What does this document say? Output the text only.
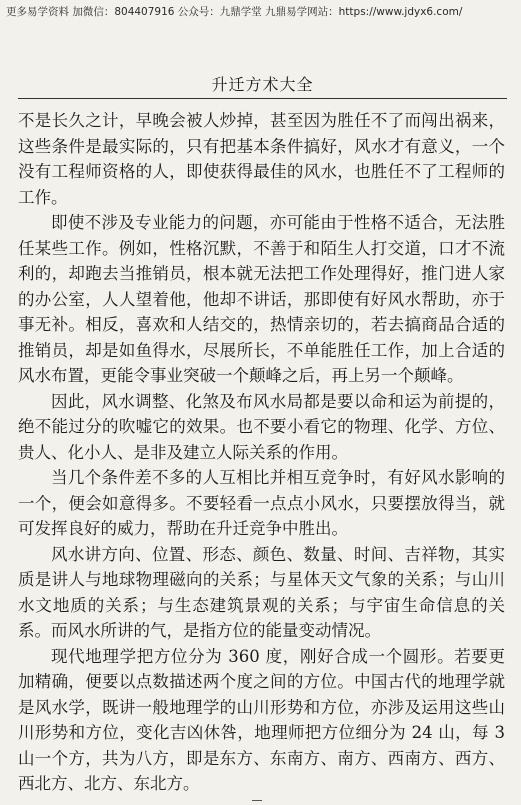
更多易学资料 加微信：804407916 公众号：九鼎学堂 九鼎易学网站：https://www.jdyx6.com/
升迁方术大全

不是长久之计，早晚会被人炒掉，甚至因为胜任不了而闯出祸来，这些条件是最实际的，只有把基本条件搞好，风水才有意义，一个没有工程师资格的人，即使获得最佳的风水，也胜任不了工程师的工作。

即使不涉及专业能力的问题，亦可能由于性格不适合，无法胜任某些工作。例如，性格沉默，不善于和陌生人打交道，口才不流利的，却跑去当推销员，根本就无法把工作处理得好，推门进人家的办公室，人人望着他，他却不讲话，那即使有好风水帮助，亦于事无补。相反，喜欢和人结交的，热情亲切的，若去搞商品合适的推销员，却是如鱼得水，尽展所长，不单能胜任工作，加上合适的风水布置，更能令事业突破一个颠峰之后，再上另一个颠峰。

因此，风水调整、化煞及布风水局都是要以命和运为前提的，绝不能过分的吹嘘它的效果。也不要小看它的物理、化学、方位、贵人、化小人、是非及建立人际关系的作用。

当几个条件差不多的人互相比并相互竞争时，有好风水影响的一个，便会如意得多。不要轻看一点点小风水，只要摆放得当，就可发挥良好的威力，帮助在升迁竞争中胜出。

风水讲方向、位置、形态、颜色、数量、时间、吉祥物，其实质是讲人与地球物理磁向的关系；与星体天文气象的关系；与山川水文地质的关系；与生态建筑景观的关系；与宇宙生命信息的关系。而风水所讲的气，是指方位的能量变动情况。

现代地理学把方位分为 360 度，刚好合成一个圆形。若要更加精确，便要以点数描述两个度之间的方位。中国古代的地理学就是风水学，既讲一般地理学的山川形势和方位，亦涉及运用这些山川形势和方位，变化吉凶休咎，地理师把方位细分为 24 山，每 3 山一个方，共为八方，即是东方、东南方、南方、西南方、西方、西北方、北方、东北方。
